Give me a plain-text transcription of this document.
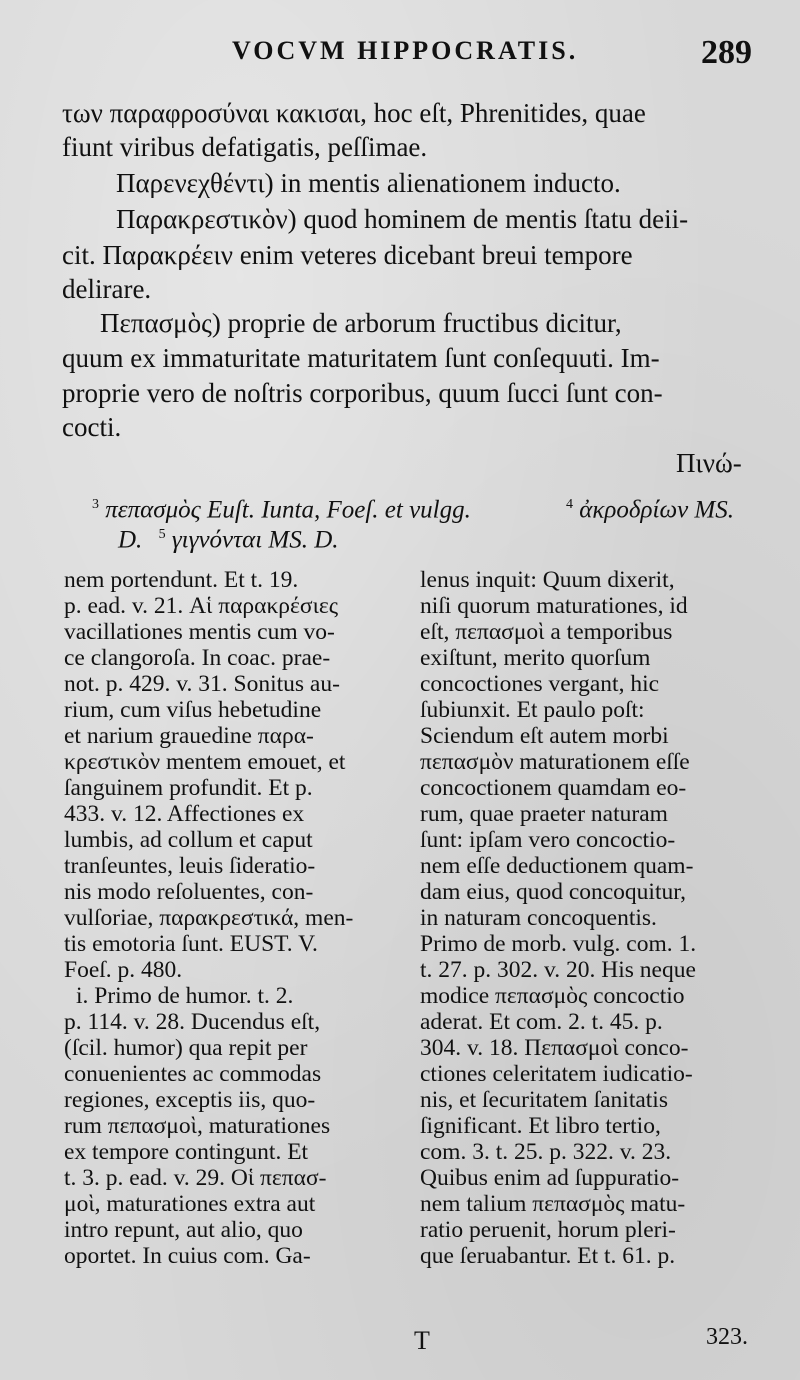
VOCVM HIPPOCRATIS.	289
των παραφροσύναι κακισαι, hoc eſt, Phrenitides, quae
fiunt viribus defatigatis, peſſimae.
Παρενεχθέντι) in mentis alienationem inducto.
Παρακρεστικὸν) quod hominem de mentis ſtatu deii-
cit. Παρακρέειν enim veteres dicebant breui tempore
delirare.
Πεπασμὸς) proprie de arborum fructibus dicitur,
quum ex immaturitate maturitatem ſunt conſequuti. Im-
proprie vero de noſtris corporibus, quum ſucci ſunt con-
cocti.
Πινώ-
$^3$ πεπασμὸς Euſt. Iunta, Foeſ. et vulgg.	$^4$ ἀκροδρίων MS.
D. $^5$ γιγνόνται MS. D.
nem portendunt. Et t. 19.
p. ead. v. 21. Αἱ παρακρέσιες
vacillationes mentis cum vo-
ce clangoroſa. In coac. prae-
not. p. 429. v. 31. Sonitus au-
rium, cum viſus hebetudine
et narium grauedine παρα-
κρεστικὸν mentem emouet, et
ſanguinem profundit. Et p.
433. v. 12. Affectiones ex
lumbis, ad collum et caput
tranſeuntes, leuis ſideratio-
nis modo reſoluentes, con-
vulſoriae, παρακρεστικά, men-
tis emotoria ſunt. EUST. V.
Foeſ. p. 480.
i. Primo de humor. t. 2.
p. 114. v. 28. Ducendus eſt,
(ſcil. humor) qua repit per
conuenientes ac commodas
regiones, exceptis iis, quo-
rum πεπασμοὶ, maturationes
ex tempore contingunt. Et
t. 3. p. ead. v. 29. Οἱ πεπασ-
μοὶ, maturationes extra aut
intro repunt, aut alio, quo
oportet. In cuius com. Ga-
lenus inquit: Quum dixerit,
niſi quorum maturationes, id
eſt, πεπασμοὶ a temporibus
exiſtunt, merito quorſum
concoctiones vergant, hic
ſubiunxit. Et paulo poſt:
Sciendum eſt autem morbi
πεπασμὸν maturationem eſſe
concoctionem quamdam eo-
rum, quae praeter naturam
ſunt: ipſam vero concoctio-
nem eſſe deductionem quam-
dam eius, quod concoquitur,
in naturam concoquentis.
Primo de morb. vulg. com. 1.
t. 27. p. 302. v. 20. His neque
modice πεπασμὸς concoctio
aderat. Et com. 2. t. 45. p.
304. v. 18. Πεπασμοὶ conco-
ctiones celeritatem iudicatio-
nis, et ſecuritatem ſanitatis
ſignificant. Et libro tertio,
com. 3. t. 25. p. 322. v. 23.
Quibus enim ad ſuppuratio-
nem talium πεπασμὸς matu-
ratio peruenit, horum pleri-
que ſeruabantur. Et t. 61. p.
T	323.
